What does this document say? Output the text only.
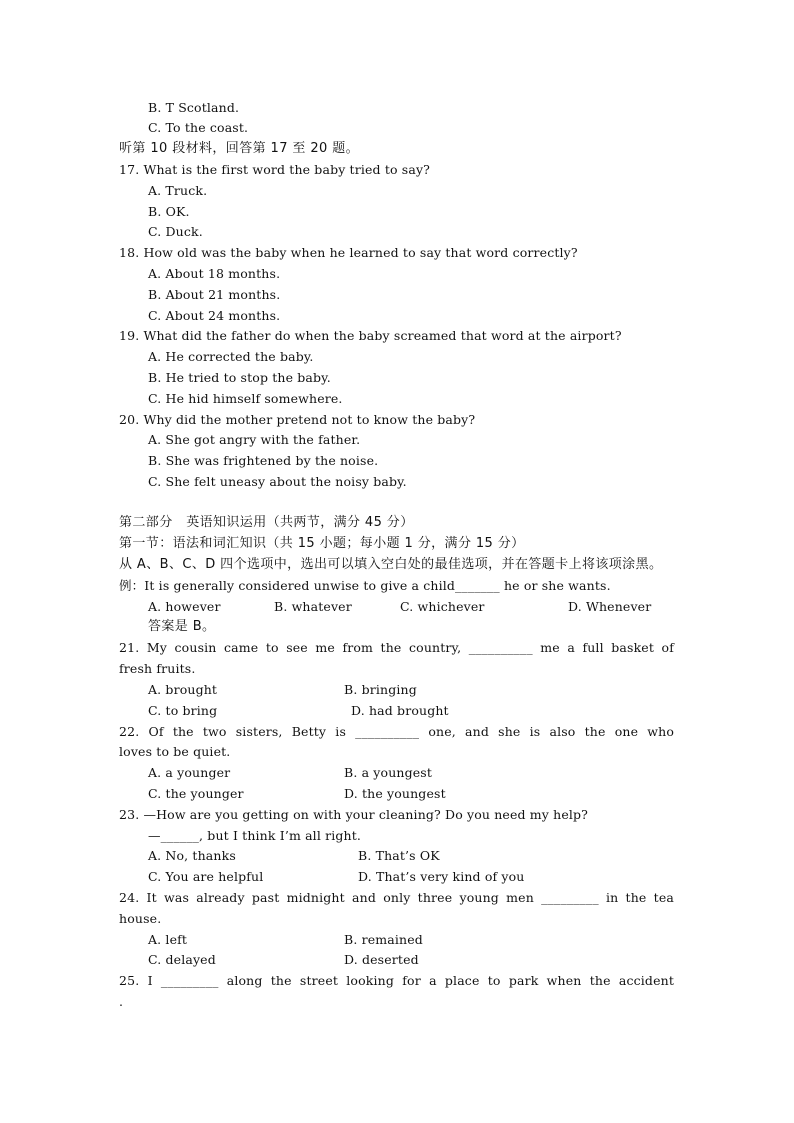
B. T Scotland.
C. To the coast.
听第 10 段材料，回答第 17 至 20 题。
17. What is the first word the baby tried to say?
A. Truck.
B. OK.
C. Duck.
18. How old was the baby when he learned to say that word correctly?
A. About 18 months.
B. About 21 months.
C. About 24 months.
19. What did the father do when the baby screamed that word at the airport?
A. He corrected the baby.
B. He tried to stop the baby.
C. He hid himself somewhere.
20. Why did the mother pretend not to know the baby?
A. She got angry with the father.
B. She was frightened by the noise.
C. She felt uneasy about the noisy baby.
第二部分   英语知识运用（共两节，满分 45 分）
第一节：语法和词汇知识（共 15 小题；每小题 1 分，满分 15 分）
从 A、B、C、D 四个选项中，选出可以填入空白处的最佳选项，并在答题卡上将该项涂黑。
例：It is generally considered unwise to give a child_______ he or she wants.
A. however	B. whatever	C. whichever	D. Whenever
答案是 B。
21. My cousin came to see me from the country, __________ me a full basket of
fresh fruits.
A. brought	B. bringing
C. to bring	D. had brought
22. Of the two sisters, Betty is __________ one, and she is also the one who
loves to be quiet.
A. a younger	B. a youngest
C. the younger	D. the youngest
23. —How are you getting on with your cleaning? Do you need my help?
—______, but I think I’m all right.
A. No, thanks	B. That’s OK
C. You are helpful	D. That’s very kind of you
24. It was already past midnight and only three young men _________ in the tea
house.
A. left	B. remained
C. delayed	D. deserted
25. I _________ along the street looking for a place to park when the accident
.
